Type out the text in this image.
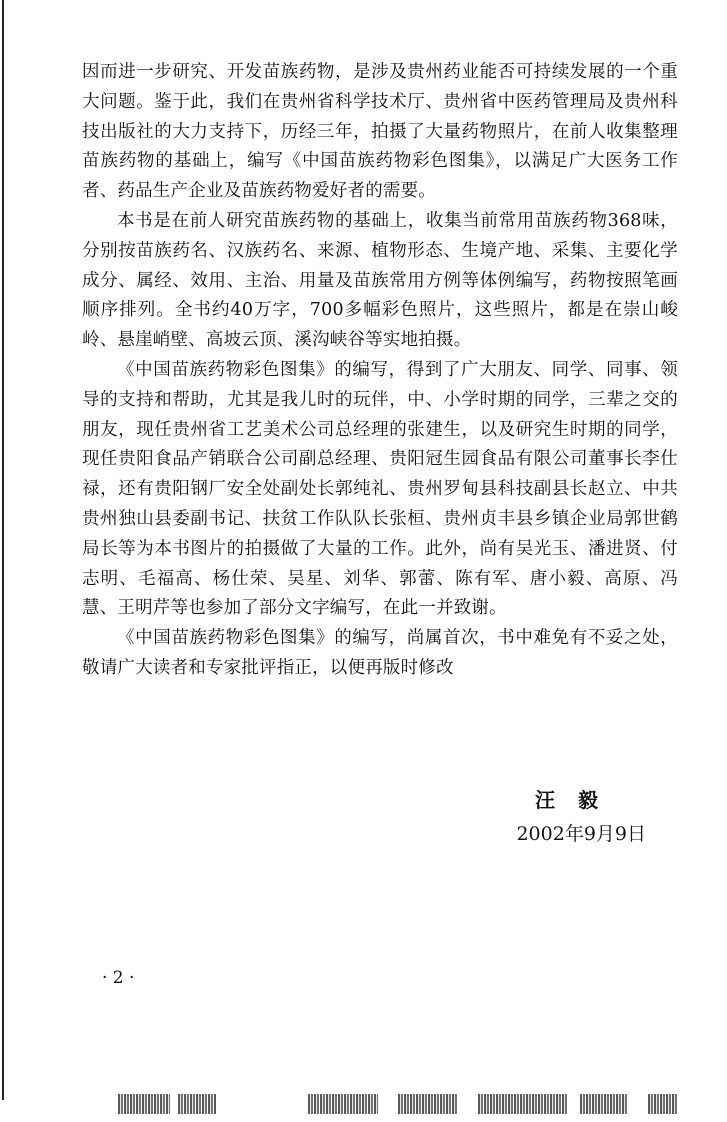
因而进一步研究、开发苗族药物，是涉及贵州药业能否可持续发展的一个重大问题。鉴于此，我们在贵州省科学技术厅、贵州省中医药管理局及贵州科技出版社的大力支持下，历经三年，拍摄了大量药物照片，在前人收集整理苗族药物的基础上，编写《中国苗族药物彩色图集》，以满足广大医务工作者、药品生产企业及苗族药物爱好者的需要。

本书是在前人研究苗族药物的基础上，收集当前常用苗族药物368味，分别按苗族药名、汉族药名、来源、植物形态、生境产地、采集、主要化学成分、属经、效用、主治、用量及苗族常用方例等体例编写，药物按照笔画顺序排列。全书约40万字，700多幅彩色照片，这些照片，都是在崇山峻岭、悬崖峭壁、高坡云顶、溪沟峡谷等实地拍摄。

《中国苗族药物彩色图集》的编写，得到了广大朋友、同学、同事、领导的支持和帮助，尤其是我儿时的玩伴，中、小学时期的同学，三辈之交的朋友，现任贵州省工艺美术公司总经理的张建生，以及研究生时期的同学，现任贵阳食品产销联合公司副总经理、贵阳冠生园食品有限公司董事长李仕禄，还有贵阳钢厂安全处副处长郭纯礼、贵州罗甸县科技副县长赵立、中共贵州独山县委副书记、扶贫工作队队长张桓、贵州贞丰县乡镇企业局郭世鹤局长等为本书图片的拍摄做了大量的工作。此外，尚有吴光玉、潘进贤、付志明、毛福高、杨仕荣、吴星、刘华、郭蕾、陈有军、唐小毅、高原、冯慧、王明芹等也参加了部分文字编写，在此一并致谢。

《中国苗族药物彩色图集》的编写，尚属首次，书中难免有不妥之处，敬请广大读者和专家批评指正，以便再版时修改

汪 毅
2002年9月9日
· 2 ·
